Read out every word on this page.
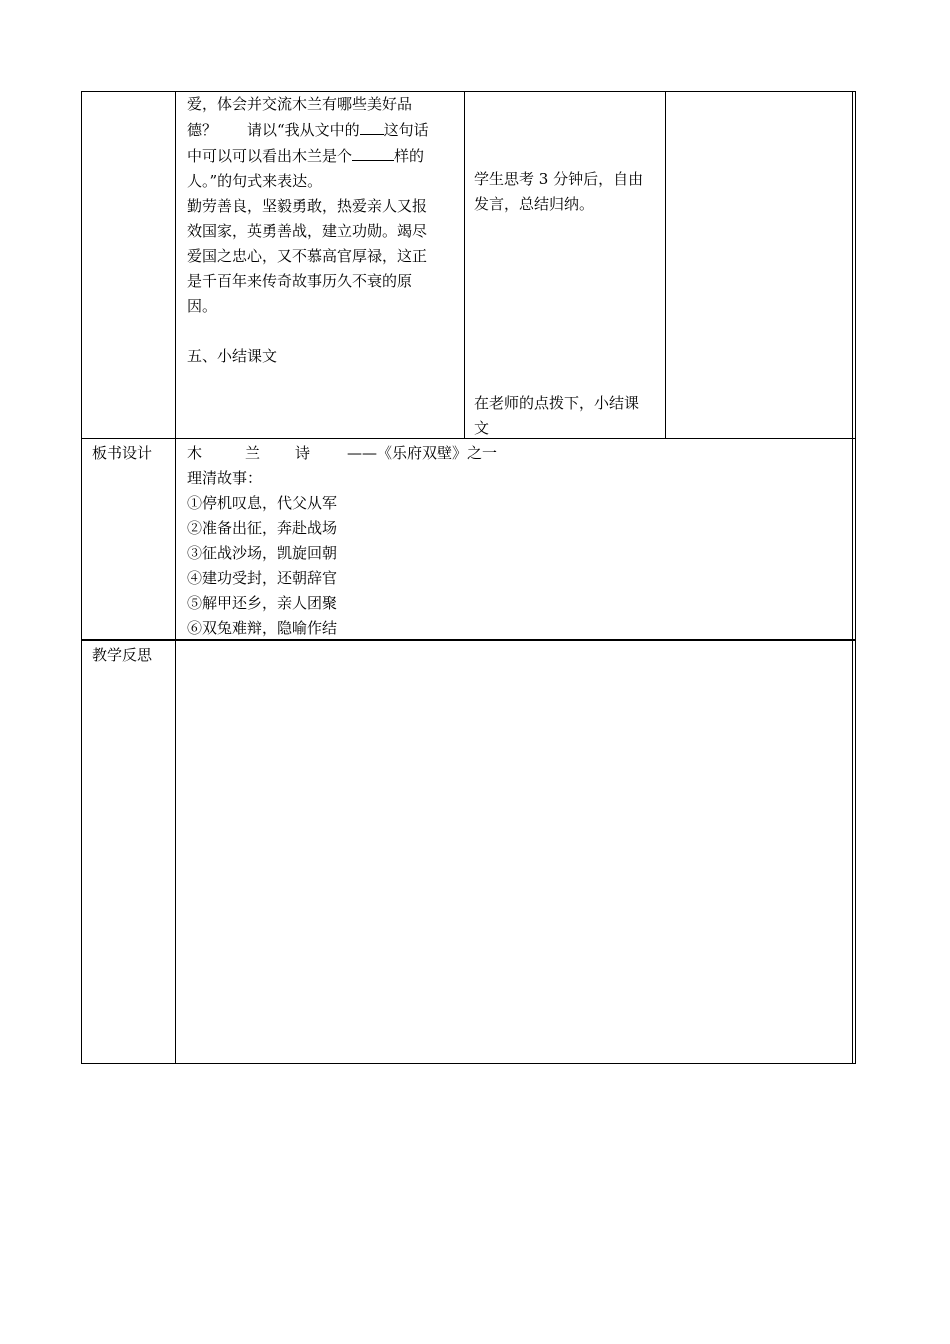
爱，体会并交流木兰有哪些美好品
德？　　请以“我从文中的 这句话
中可以可以看出木兰是个	样的
人。”的句式来表达。
勤劳善良，坚毅勇敢，热爱亲人又报
效国家，英勇善战，建立功勋。竭尽
爱国之忠心，又不慕高官厚禄，这正
是千百年来传奇故事历久不衰的原
因。
五、小结课文
学生思考 3 分钟后，自由
发言，总结归纳。
在老师的点拨下，小结课
文
板书设计 木	兰 诗 ——《乐府双壁》之一
理清故事：
①停机叹息，代父从军
②准备出征，奔赴战场
③征战沙场，凯旋回朝
④建功受封，还朝辞官
⑤解甲还乡，亲人团聚
⑥双兔难辩，隐喻作结
教学反思
